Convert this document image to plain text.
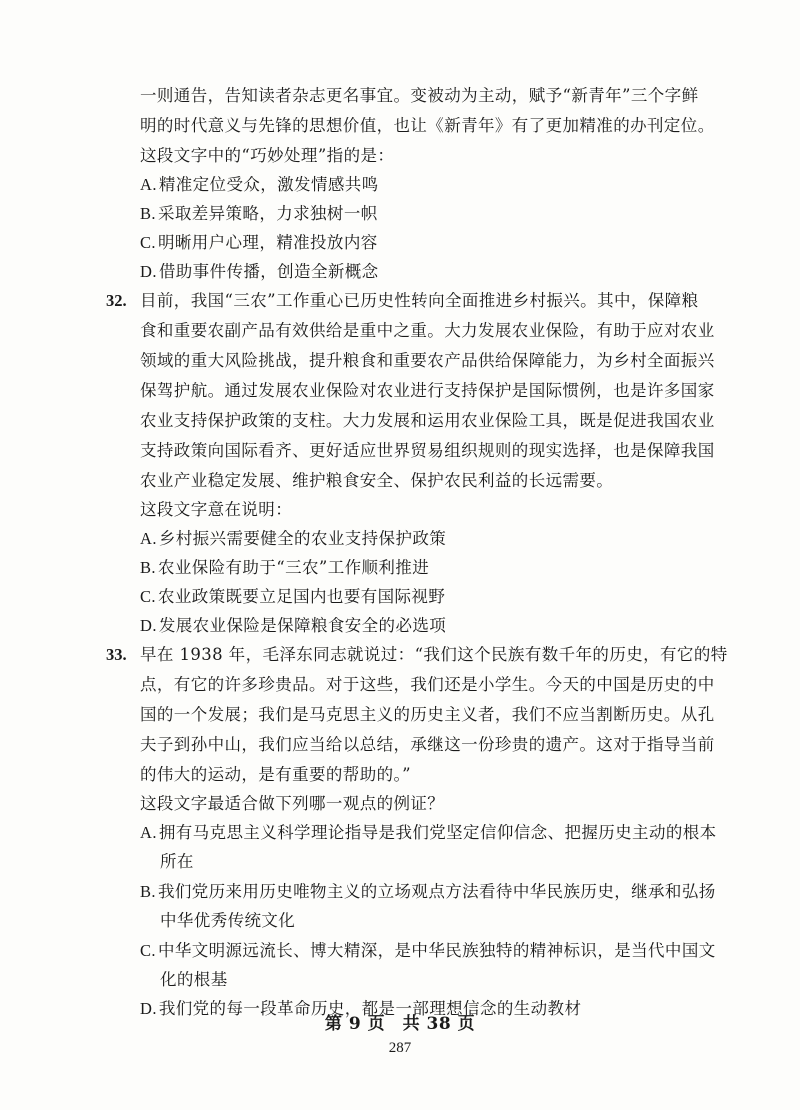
一则通告，告知读者杂志更名事宜。变被动为主动，赋予“新青年”三个字鲜
明的时代意义与先锋的思想价值，也让《新青年》有了更加精准的办刊定位。
这段文字中的“巧妙处理”指的是：
A. 精准定位受众，激发情感共鸣
B. 采取差异策略，力求独树一帜
C. 明晰用户心理，精准投放内容
D. 借助事件传播，创造全新概念
32. 目前，我国“三农”工作重心已历史性转向全面推进乡村振兴。其中，保障粮
食和重要农副产品有效供给是重中之重。大力发展农业保险，有助于应对农业
领域的重大风险挑战，提升粮食和重要农产品供给保障能力，为乡村全面振兴
保驾护航。通过发展农业保险对农业进行支持保护是国际惯例，也是许多国家
农业支持保护政策的支柱。大力发展和运用农业保险工具，既是促进我国农业
支持政策向国际看齐、更好适应世界贸易组织规则的现实选择，也是保障我国
农业产业稳定发展、维护粮食安全、保护农民利益的长远需要。
这段文字意在说明：
A. 乡村振兴需要健全的农业支持保护政策
B. 农业保险有助于“三农”工作顺利推进
C. 农业政策既要立足国内也要有国际视野
D. 发展农业保险是保障粮食安全的必选项
33. 早在 1938 年，毛泽东同志就说过：“我们这个民族有数千年的历史，有它的特
点，有它的许多珍贵品。对于这些，我们还是小学生。今天的中国是历史的中
国的一个发展；我们是马克思主义的历史主义者，我们不应当割断历史。从孔
夫子到孙中山，我们应当给以总结，承继这一份珍贵的遗产。这对于指导当前
的伟大的运动，是有重要的帮助的。”
这段文字最适合做下列哪一观点的例证？
A. 拥有马克思主义科学理论指导是我们党坚定信仰信念、把握历史主动的根本
所在
B. 我们党历来用历史唯物主义的立场观点方法看待中华民族历史，继承和弘扬
中华优秀传统文化
C. 中华文明源远流长、博大精深，是中华民族独特的精神标识，是当代中国文
化的根基
D. 我们党的每一段革命历史，都是一部理想信念的生动教材
第 9 页　共 38 页
287
